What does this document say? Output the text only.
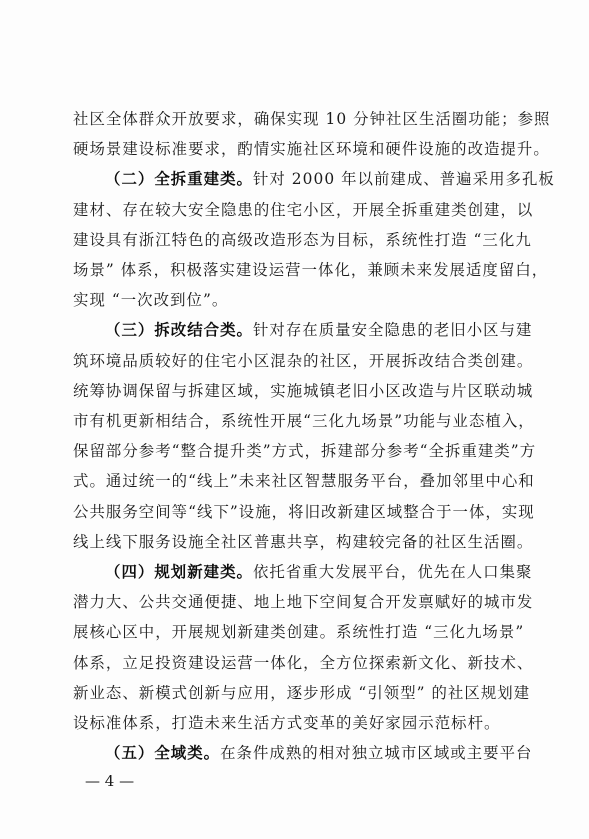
社区全体群众开放要求，确保实现 10 分钟社区生活圈功能；参照
硬场景建设标准要求，酌情实施社区环境和硬件设施的改造提升。
（二）全拆重建类。针对 2000 年以前建成、普遍采用多孔板
建材、存在较大安全隐患的住宅小区，开展全拆重建类创建，以
建设具有浙江特色的高级改造形态为目标，系统性打造 “三化九
场景” 体系，积极落实建设运营一体化，兼顾未来发展适度留白，
实现 “一次改到位”。
（三）拆改结合类。针对存在质量安全隐患的老旧小区与建
筑环境品质较好的住宅小区混杂的社区，开展拆改结合类创建。
统筹协调保留与拆建区域，实施城镇老旧小区改造与片区联动城
市有机更新相结合，系统性开展“三化九场景”功能与业态植入，
保留部分参考“整合提升类”方式，拆建部分参考“全拆重建类”方
式。通过统一的“线上”未来社区智慧服务平台，叠加邻里中心和
公共服务空间等“线下”设施，将旧改新建区域整合于一体，实现
线上线下服务设施全社区普惠共享，构建较完备的社区生活圈。
（四）规划新建类。依托省重大发展平台，优先在人口集聚
潜力大、公共交通便捷、地上地下空间复合开发禀赋好的城市发
展核心区中，开展规划新建类创建。系统性打造 “三化九场景”
体系，立足投资建设运营一体化，全方位探索新文化、新技术、
新业态、新模式创新与应用，逐步形成 “引领型” 的社区规划建
设标准体系，打造未来生活方式变革的美好家园示范标杆。
（五）全域类。在条件成熟的相对独立城市区域或主要平台
— 4 —
